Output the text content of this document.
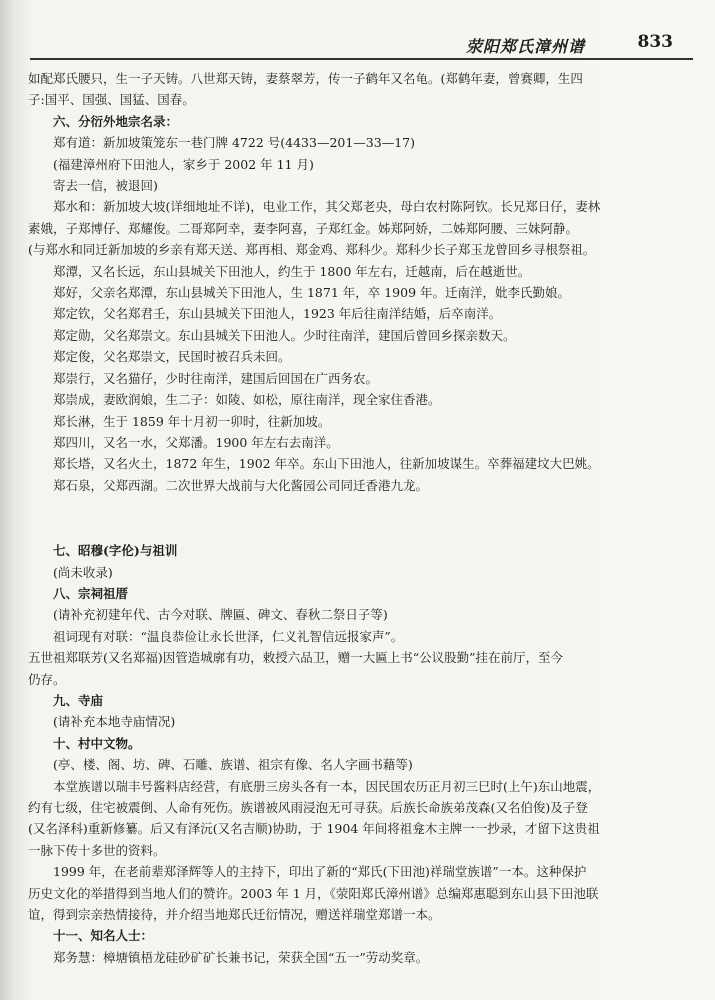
荥阳郑氏漳州谱	833
如配郑氏腰只，生一子天铸。八世郑天铸，妻蔡翠芳，传一子鹤年又名龟。(郑鹤年妻，曾赛卿，生四
子:国平、国强、国猛、国春。
六、分衍外地宗名录：
郑有道：新加坡策笼东一巷门牌 4722 号(4433—201—33—17)
(福建漳州府下田池人，家乡于 2002 年 11 月)
寄去一信，被退回)
郑水和：新加坡大坡(详细地址不详)，电业工作，其父郑老央，母白农村陈阿钦。长兄郑日仔，妻林
素娥，子郑博仔、郑耀俊。二哥郑阿幸，妻李阿喜，子郑红金。姊郑阿娇，二姊郑阿腰、三妹阿静。
(与郑水和同迁新加坡的乡亲有郑天送、郑再相、郑金鸡、郑科少。郑科少长子郑玉龙曾回乡寻根祭祖。
郑潭，又名长远，东山县城关下田池人，约生于 1800 年左右，迁越南，后在越逝世。
郑好，父亲名郑潭，东山县城关下田池人，生 1871 年，卒 1909 年。迁南洋，妣李氏勤娘。
郑定钦，父名郑君壬，东山县城关下田池人，1923 年后往南洋结婚，后卒南洋。
郑定勋，父名郑崇文。东山县城关下田池人。少时往南洋，建国后曾回乡探亲数天。
郑定俊，父名郑崇文，民国时被召兵未回。
郑崇行，又名猫仔，少时往南洋，建国后回国在广西务农。
郑崇成，妻欧润娘，生二子：如陵、如松，原往南洋，现全家住香港。
郑长淋，生于 1859 年十月初一卯时，往新加坡。
郑四川，又名一水，父郑潘。1900 年左右去南洋。
郑长塔，又名火土，1872 年生，1902 年卒。东山下田池人，往新加坡谋生。卒葬福建坟大巴姚。
郑石泉，父郑西湖。二次世界大战前与大化酱园公司同迁香港九龙。
七、昭穆(字伦)与祖训
(尚未收录)
八、宗祠祖厝
(请补充初建年代、古今对联、牌匾、碑文、春秋二祭日子等)
祖词现有对联：“温良恭俭让永长世泽，仁义礼智信远报家声”。
五世祖郑联芳(又名郑福)因管造城廓有功，敕授六品卫，赠一大匾上书“公议股勤”挂在前厅，至今
仍存。
九、寺庙
(请补充本地寺庙情况)
十、村中文物。
(亭、楼、阁、坊、碑、石雕、族谱、祖宗有像、名人字画书藉等)
本堂族谱以瑞丰号酱料店经营，有底册三房头各有一本，因民国农历正月初三巳时(上午)东山地震，
约有七级，住宅被震倒、人命有死伤。族谱被风雨浸泡无可寻获。后族长命族弟茂森(又名伯俊)及子登
(又名泽科)重新修纂。后又有泽沅(又名吉顺)协助，于 1904 年间将祖龛木主牌一一抄录，才留下这贵祖
一脉下传十多世的资料。
1999 年，在老前辈郑泽辉等人的主持下，印出了新的“郑氏(下田池)祥瑞堂族谱”一本。这种保护
历史文化的举措得到当地人们的赞许。2003 年 1 月，《荥阳郑氏漳州谱》总编郑惠聪到东山县下田池联
谊，得到宗亲热情接待，并介绍当地郑氏迁衍情况，赠送祥瑞堂郑谱一本。
十一、知名人士：
郑务慧：樟塘镇梧龙硅砂矿矿长兼书记，荣获全国“五一”劳动奖章。
